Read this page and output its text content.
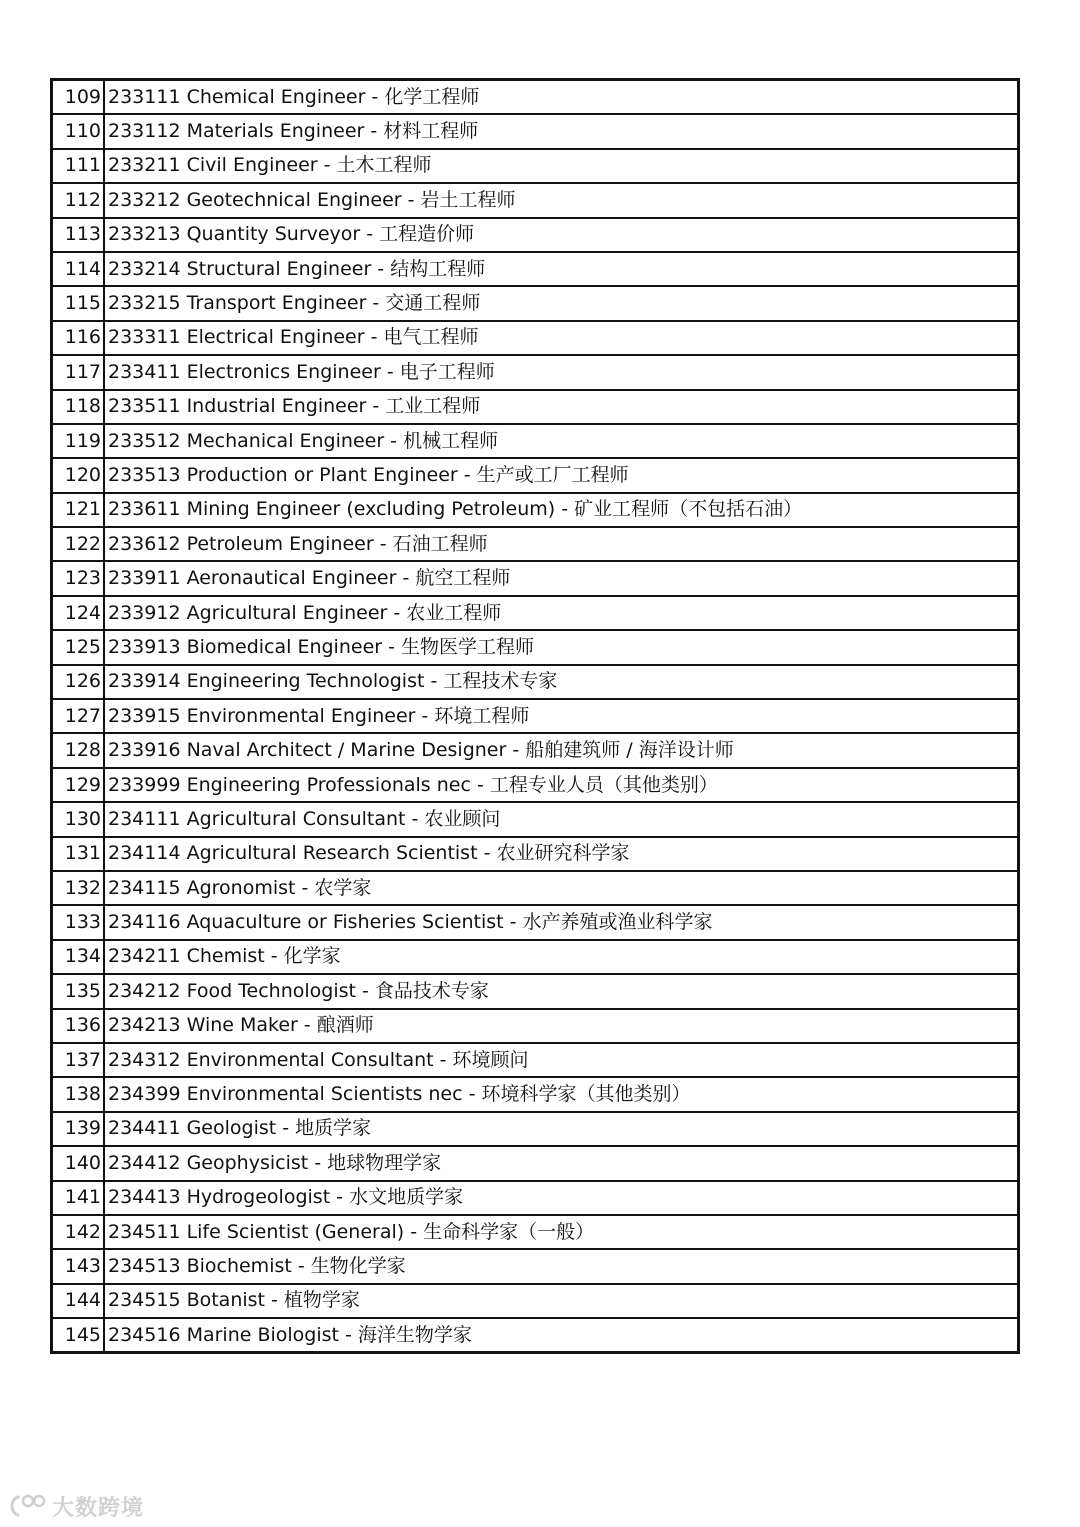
109	233111 Chemical Engineer - 化学工程师
110	233112 Materials Engineer - 材料工程师
111	233211 Civil Engineer - 土木工程师
112	233212 Geotechnical Engineer - 岩土工程师
113	233213 Quantity Surveyor - 工程造价师
114	233214 Structural Engineer - 结构工程师
115	233215 Transport Engineer - 交通工程师
116	233311 Electrical Engineer - 电气工程师
117	233411 Electronics Engineer - 电子工程师
118	233511 Industrial Engineer - 工业工程师
119	233512 Mechanical Engineer - 机械工程师
120	233513 Production or Plant Engineer - 生产或工厂工程师
121	233611 Mining Engineer (excluding Petroleum) - 矿业工程师（不包括石油）
122	233612 Petroleum Engineer - 石油工程师
123	233911 Aeronautical Engineer - 航空工程师
124	233912 Agricultural Engineer - 农业工程师
125	233913 Biomedical Engineer - 生物医学工程师
126	233914 Engineering Technologist - 工程技术专家
127	233915 Environmental Engineer - 环境工程师
128	233916 Naval Architect / Marine Designer - 船舶建筑师 / 海洋设计师
129	233999 Engineering Professionals nec - 工程专业人员（其他类别）
130	234111 Agricultural Consultant - 农业顾问
131	234114 Agricultural Research Scientist - 农业研究科学家
132	234115 Agronomist - 农学家
133	234116 Aquaculture or Fisheries Scientist - 水产养殖或渔业科学家
134	234211 Chemist - 化学家
135	234212 Food Technologist - 食品技术专家
136	234213 Wine Maker - 酿酒师
137	234312 Environmental Consultant - 环境顾问
138	234399 Environmental Scientists nec - 环境科学家（其他类别）
139	234411 Geologist - 地质学家
140	234412 Geophysicist - 地球物理学家
141	234413 Hydrogeologist - 水文地质学家
142	234511 Life Scientist (General) - 生命科学家（一般）
143	234513 Biochemist - 生物化学家
144	234515 Botanist - 植物学家
145	234516 Marine Biologist - 海洋生物学家
大数跨境
